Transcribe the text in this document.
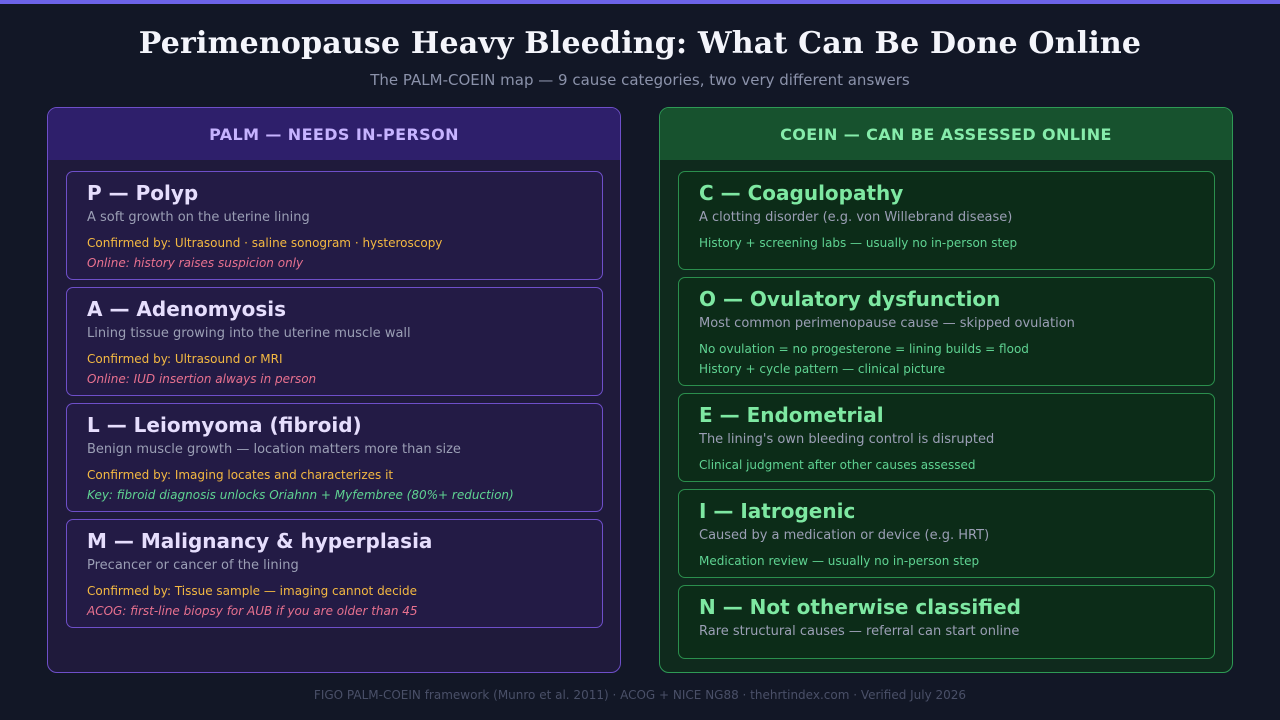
Perimenopause Heavy Bleeding: What Can Be Done Online
The PALM-COEIN map — 9 cause categories, two very different answers
PALM — NEEDS IN-PERSON
P — Polyp
A soft growth on the uterine lining
Confirmed by: Ultrasound · saline sonogram · hysteroscopy
Online: history raises suspicion only
A — Adenomyosis
Lining tissue growing into the uterine muscle wall
Confirmed by: Ultrasound or MRI
Online: IUD insertion always in person
L — Leiomyoma (fibroid)
Benign muscle growth — location matters more than size
Confirmed by: Imaging locates and characterizes it
Key: fibroid diagnosis unlocks Oriahnn + Myfembree (80%+ reduction)
M — Malignancy & hyperplasia
Precancer or cancer of the lining
Confirmed by: Tissue sample — imaging cannot decide
ACOG: first-line biopsy for AUB if you are older than 45
COEIN — CAN BE ASSESSED ONLINE
C — Coagulopathy
A clotting disorder (e.g. von Willebrand disease)
History + screening labs — usually no in-person step
O — Ovulatory dysfunction
Most common perimenopause cause — skipped ovulation
No ovulation = no progesterone = lining builds = flood
History + cycle pattern — clinical picture
E — Endometrial
The lining's own bleeding control is disrupted
Clinical judgment after other causes assessed
I — Iatrogenic
Caused by a medication or device (e.g. HRT)
Medication review — usually no in-person step
N — Not otherwise classified
Rare structural causes — referral can start online
FIGO PALM-COEIN framework (Munro et al. 2011) · ACOG + NICE NG88 · thehrtindex.com · Verified July 2026
